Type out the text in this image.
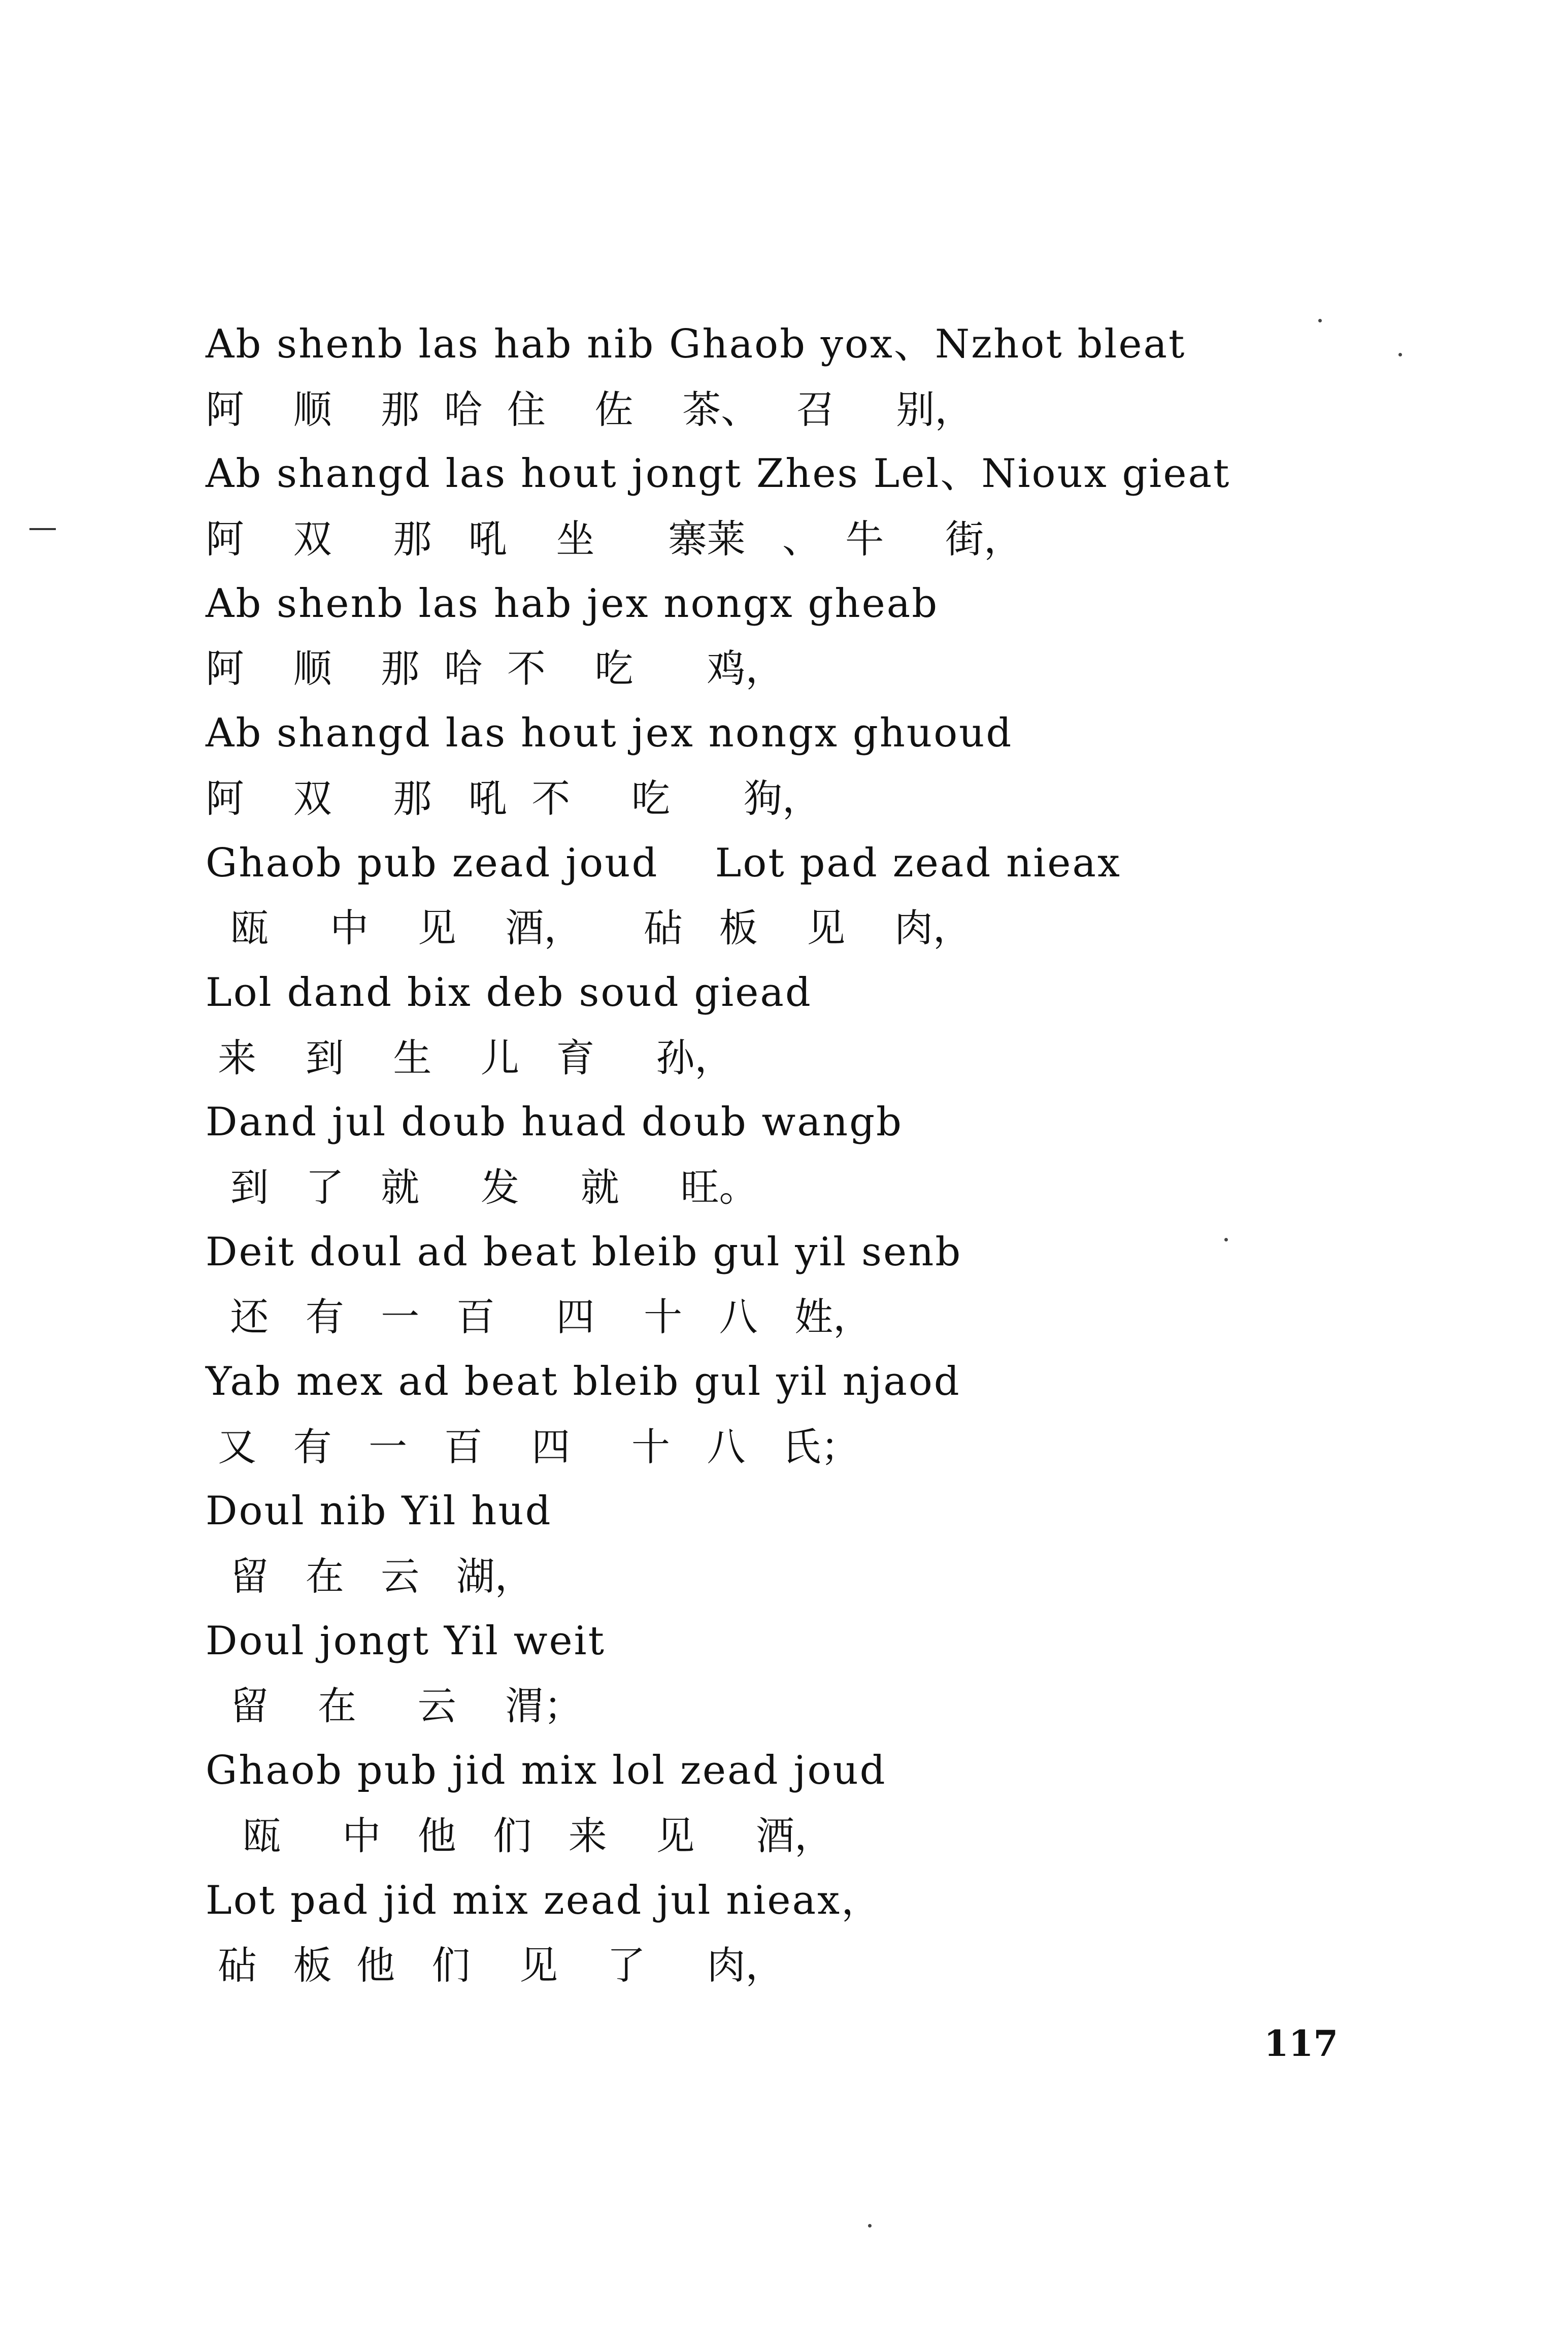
Ab shenb las hab nib Ghaob yox、Nzhot bleat
阿    顺    那  哈  住    佐    茶、   召     别，
Ab shangd las hout jongt Zhes Lel、Nioux gieat
阿    双     那   吼    坐      寨莱   、  牛     街，
Ab shenb las hab jex nongx gheab
阿    顺    那  哈  不    吃      鸡，
Ab shangd las hout jex nongx ghuoud
阿    双     那   吼  不     吃      狗，
Ghaob pub zead joud    Lot pad zead nieax
瓯     中    见    酒，     砧   板    见    肉，
Lol dand bix deb soud giead
来    到    生    儿   育     孙，
Dand jul doub huad doub wangb
到   了   就     发     就     旺。
Deit doul ad beat bleib gul yil senb
还   有   一   百     四    十   八   姓，
Yab mex ad beat bleib gul yil njaod
又   有   一   百    四     十   八   氏；
Doul nib Yil hud
留   在   云   湖，
Doul jongt Yil weit
留    在     云    渭；
Ghaob pub jid mix lol zead joud
瓯     中   他   们   来    见     酒，
Lot pad jid mix zead jul nieax，
砧   板  他   们    见    了     肉，
117
